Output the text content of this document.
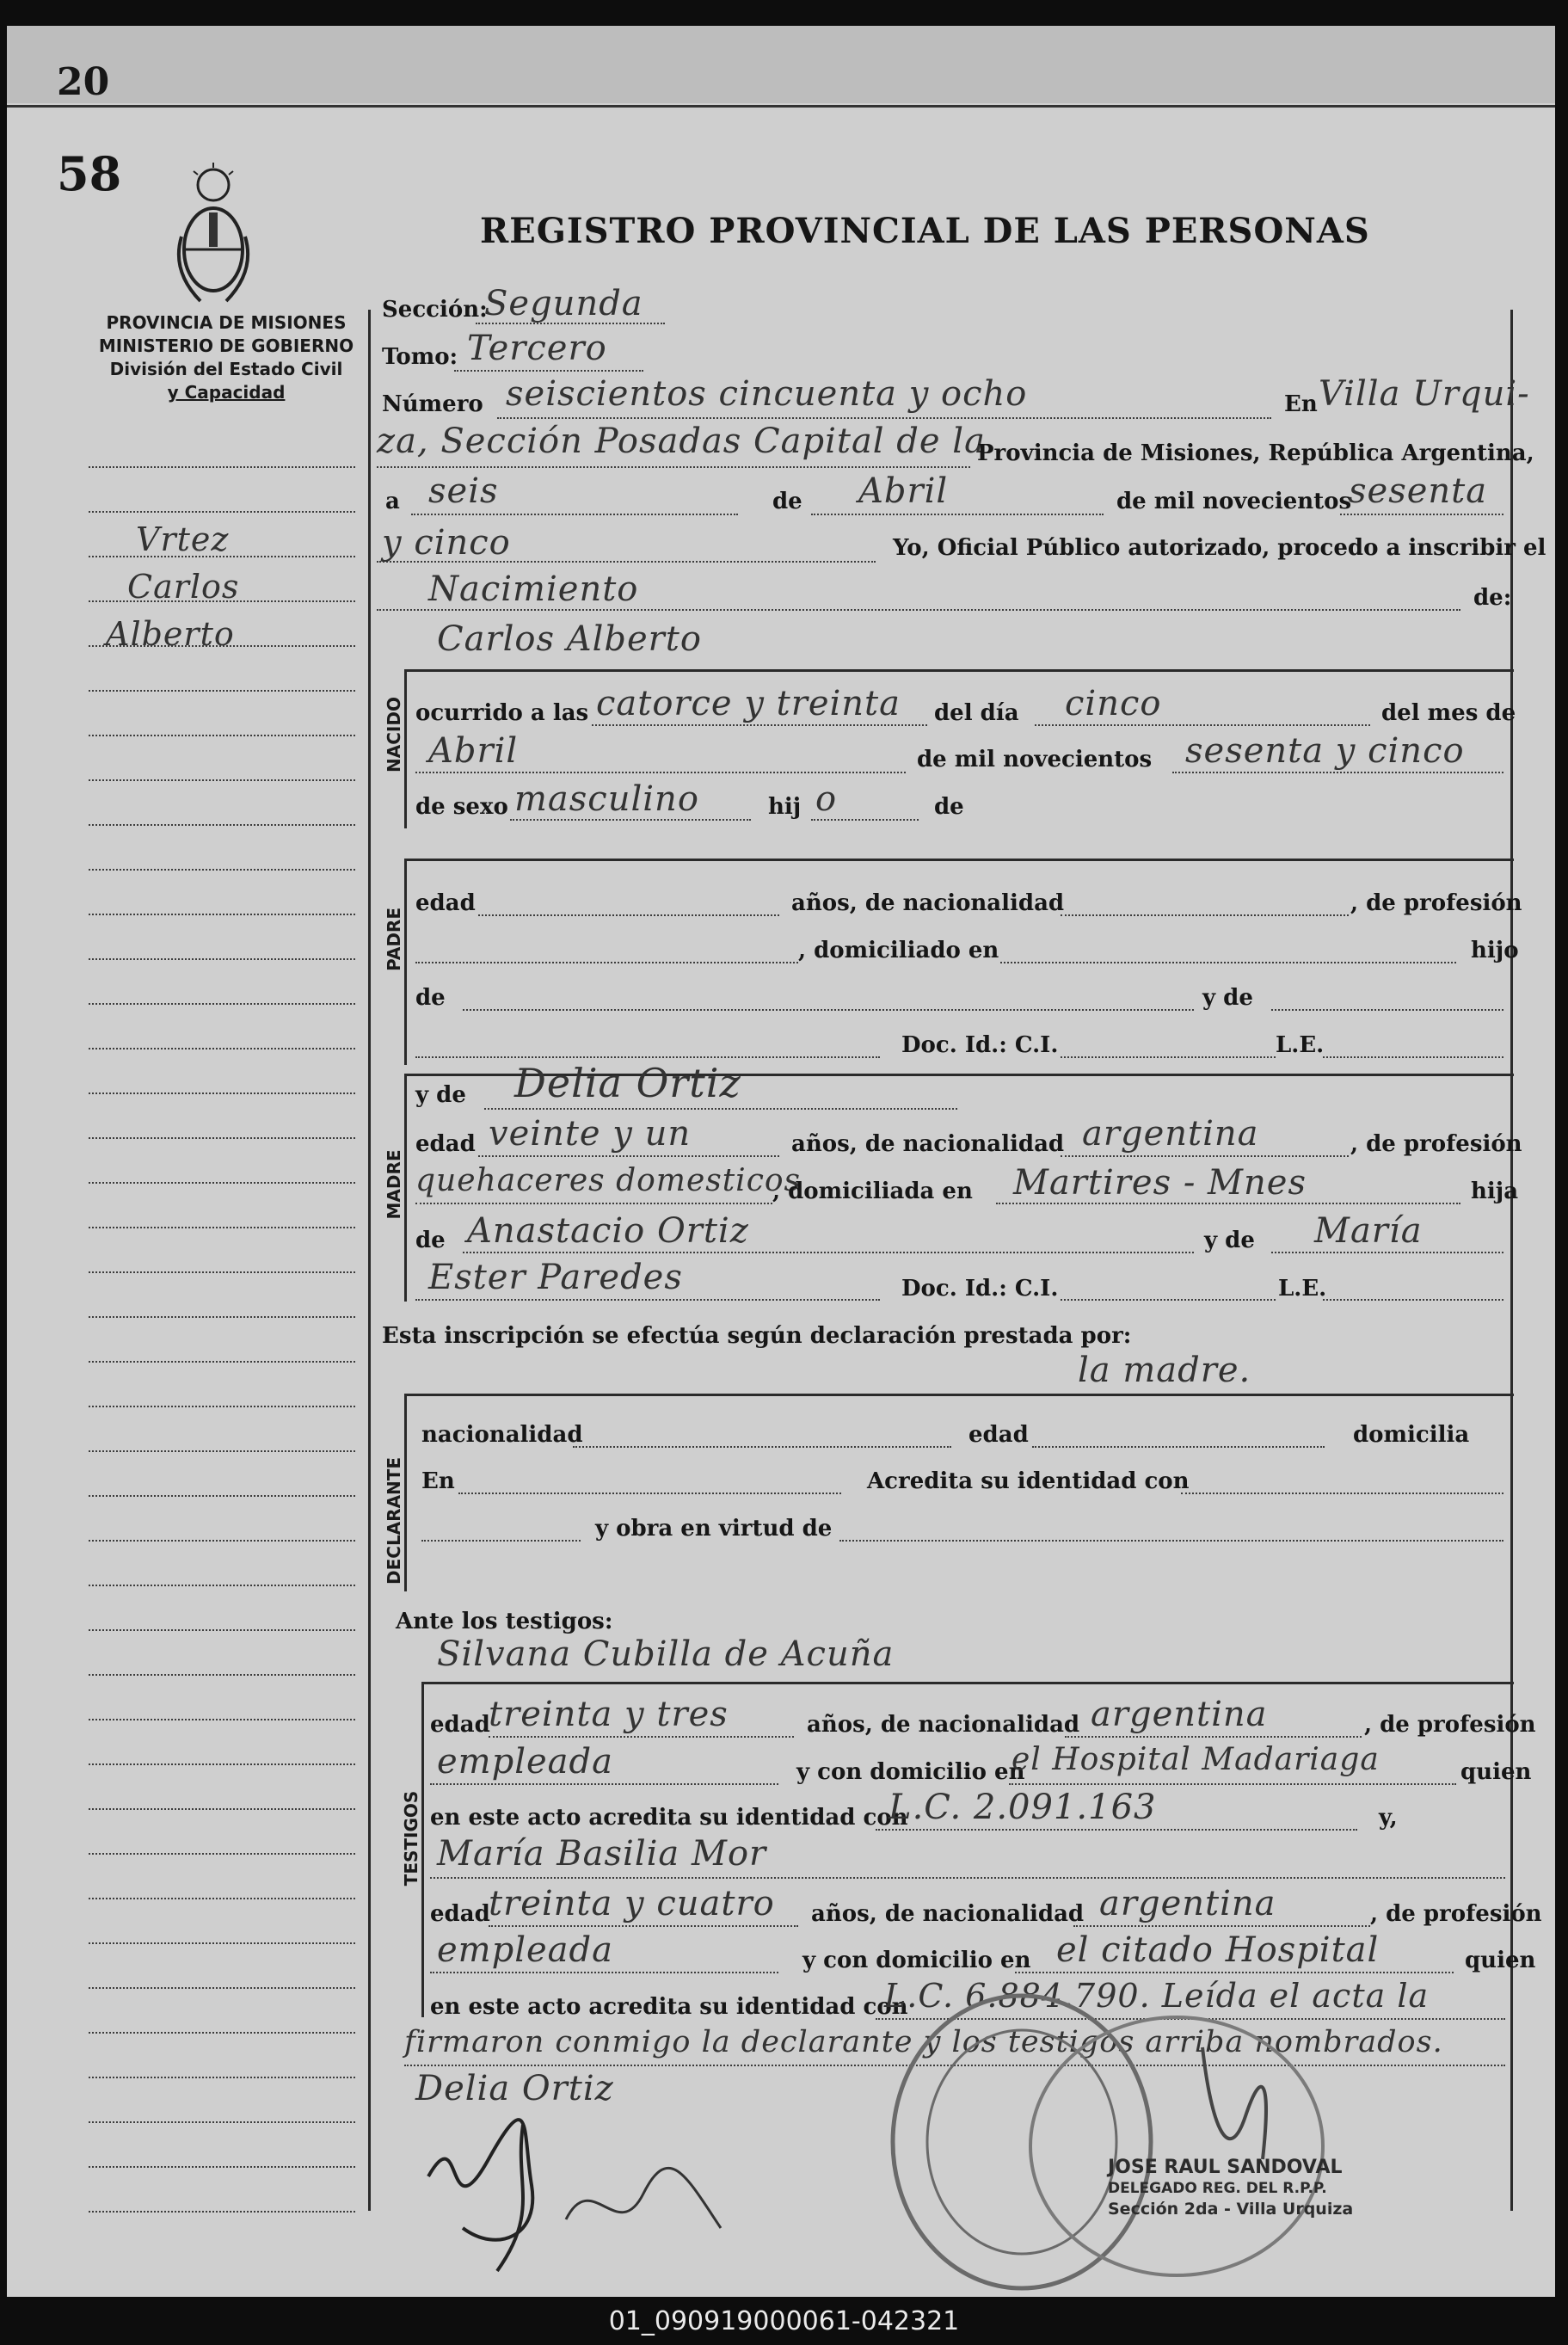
20
58
REGISTRO PROVINCIAL DE LAS PERSONAS
PROVINCIA DE MISIONES
MINISTERIO DE GOBIERNO
División del Estado Civil
y Capacidad
Vrtez
Carlos
Alberto
Sección:
Segunda
Tomo: Tercero
Número seiscientos cincuenta y ocho	En Villa Urqui-
za, Sección Posadas Capital de la
Provincia de Misiones, República Argentina,
a seis	de Abril	de mil novecientos
sesenta
y cinco	Yo, Oficial Público autorizado, procedo a inscribir el
Nacimiento	de:
NACIDO
Carlos Alberto
ocurrido a las catorce y treinta del día cinco	del mes de
Abril	de mil novecientos sesenta y cinco
de sexo masculino	hij o	de
PADRE
edad	años, de nacionalidad	, de profesión
, domiciliado en	hijo
de	y de
Doc. Id.: C.I.	L.E.
MADRE
y de Delia Ortiz
edad veinte y un	años, de nacionalidad argentina	, de profesión
quehaceres domesticos
, domiciliada en Martires - Mnes	hija
de Anastacio Ortiz	y de María
Ester Paredes	Doc. Id.: C.I.	L.E.
Esta inscripción se efectúa según declaración prestada por:
DECLARANTE
la madre.
nacionalidad	edad	domicilia
En	Acredita su identidad con
y obra en virtud de
Ante los testigos:
TESTIGOS
Silvana Cubilla de Acuña
edad
treinta y tres	años, de nacionalidad argentina	, de profesión
empleada	y con domicilio en
el Hospital Madariaga	quien
en este acto acredita su identidad con
L.C. 2.091.163	y,
María Basilia Mor
edad
treinta y cuatro años, de nacionalidad argentina	, de profesión
empleada	y con domicilio en el citado Hospital	quien
en este acto acredita su identidad con
L.C. 6.884.790. Leída el acta la
firmaron conmigo la declarante y los testigos arriba nombrados.
Delia Ortiz
JOSE RAUL SANDOVAL
DELEGADO REG. DEL R.P.P.
Sección 2da - Villa Urquiza
01_090919000061-042321
